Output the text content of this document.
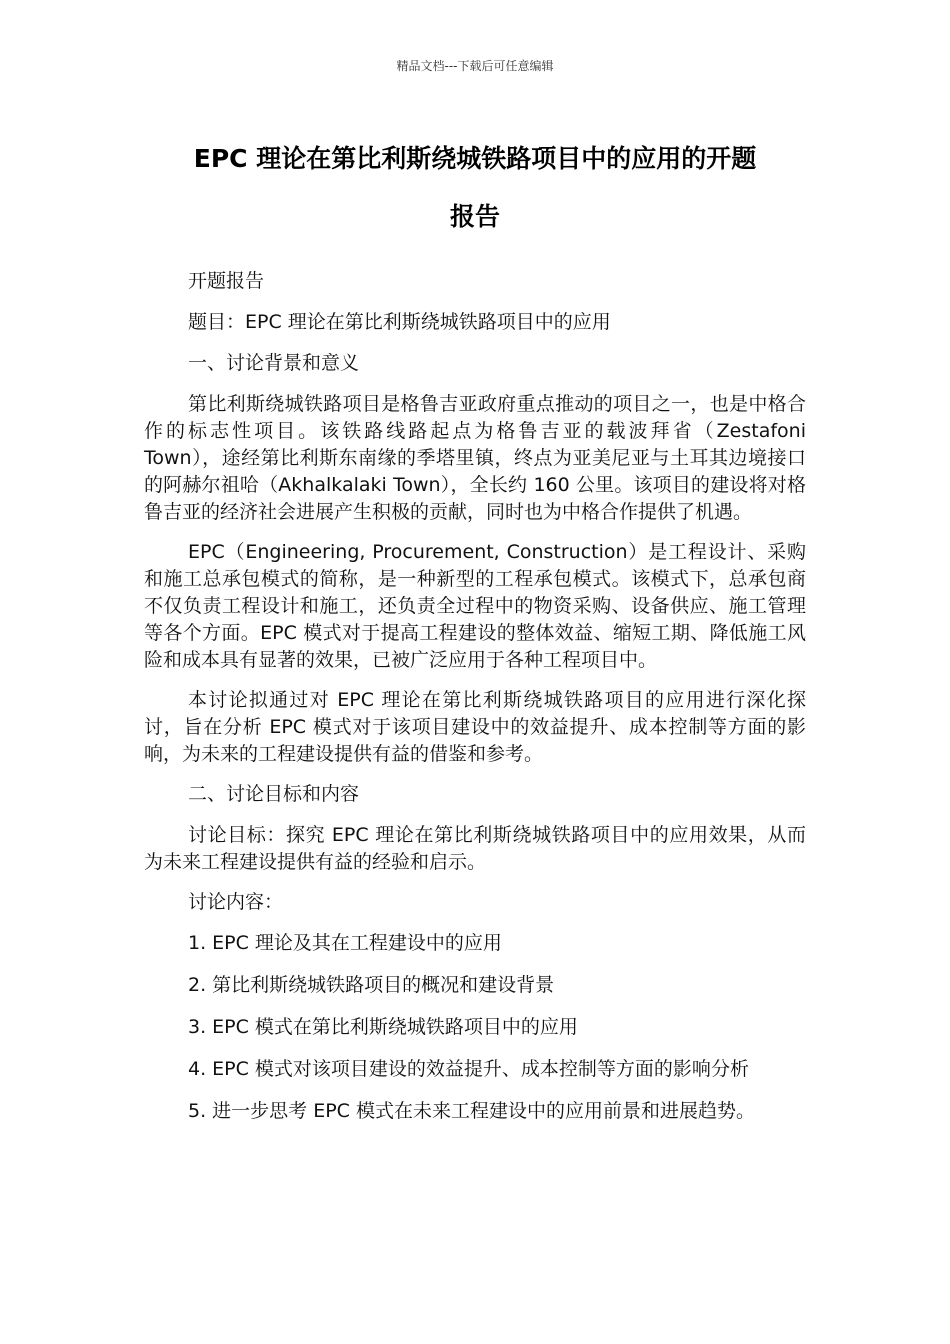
精品文档---下载后可任意编辑
EPC 理论在第比利斯绕城铁路项目中的应用的开题
报告

开题报告

题目：EPC 理论在第比利斯绕城铁路项目中的应用

一、讨论背景和意义

第比利斯绕城铁路项目是格鲁吉亚政府重点推动的项目之一，也是中格合作的标志性项目。该铁路线路起点为格鲁吉亚的载波拜省（Zestafoni Town），途经第比利斯东南缘的季塔里镇，终点为亚美尼亚与土耳其边境接口的阿赫尔祖哈（Akhalkalaki Town），全长约 160 公里。该项目的建设将对格鲁吉亚的经济社会进展产生积极的贡献，同时也为中格合作提供了机遇。

EPC（Engineering, Procurement, Construction）是工程设计、采购和施工总承包模式的简称，是一种新型的工程承包模式。该模式下，总承包商不仅负责工程设计和施工，还负责全过程中的物资采购、设备供应、施工管理等各个方面。EPC 模式对于提高工程建设的整体效益、缩短工期、降低施工风险和成本具有显著的效果，已被广泛应用于各种工程项目中。

本讨论拟通过对 EPC 理论在第比利斯绕城铁路项目的应用进行深化探讨，旨在分析 EPC 模式对于该项目建设中的效益提升、成本控制等方面的影响，为未来的工程建设提供有益的借鉴和参考。

二、讨论目标和内容

讨论目标：探究 EPC 理论在第比利斯绕城铁路项目中的应用效果，从而为未来工程建设提供有益的经验和启示。

讨论内容：

1. EPC 理论及其在工程建设中的应用
2. 第比利斯绕城铁路项目的概况和建设背景
3. EPC 模式在第比利斯绕城铁路项目中的应用
4. EPC 模式对该项目建设的效益提升、成本控制等方面的影响分析
5. 进一步思考 EPC 模式在未来工程建设中的应用前景和进展趋势。
